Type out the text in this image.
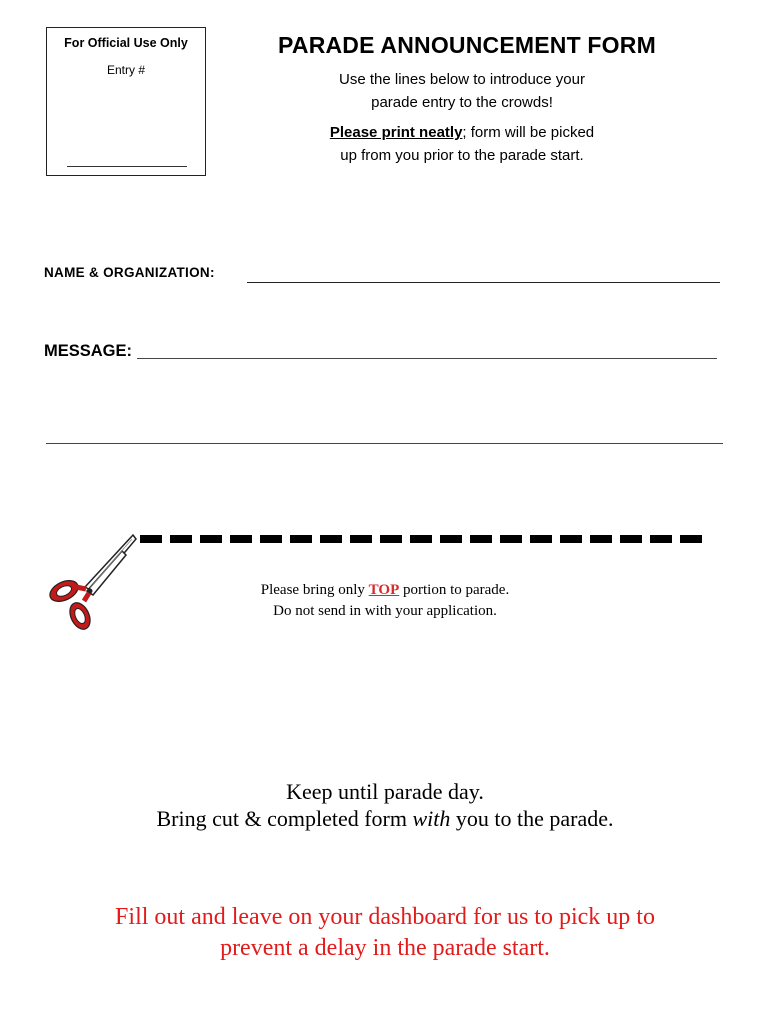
For Official Use Only
Entry #
PARADE ANNOUNCEMENT FORM
Use the lines below to introduce your
parade entry to the crowds!
Please print neatly; form will be picked
up from you prior to the parade start.
NAME & ORGANIZATION:
MESSAGE:
Please bring only TOP portion to parade.
Do not send in with your application.
Keep until parade day.
Bring cut & completed form with you to the parade.
Fill out and leave on your dashboard for us to pick up to
prevent a delay in the parade start.
